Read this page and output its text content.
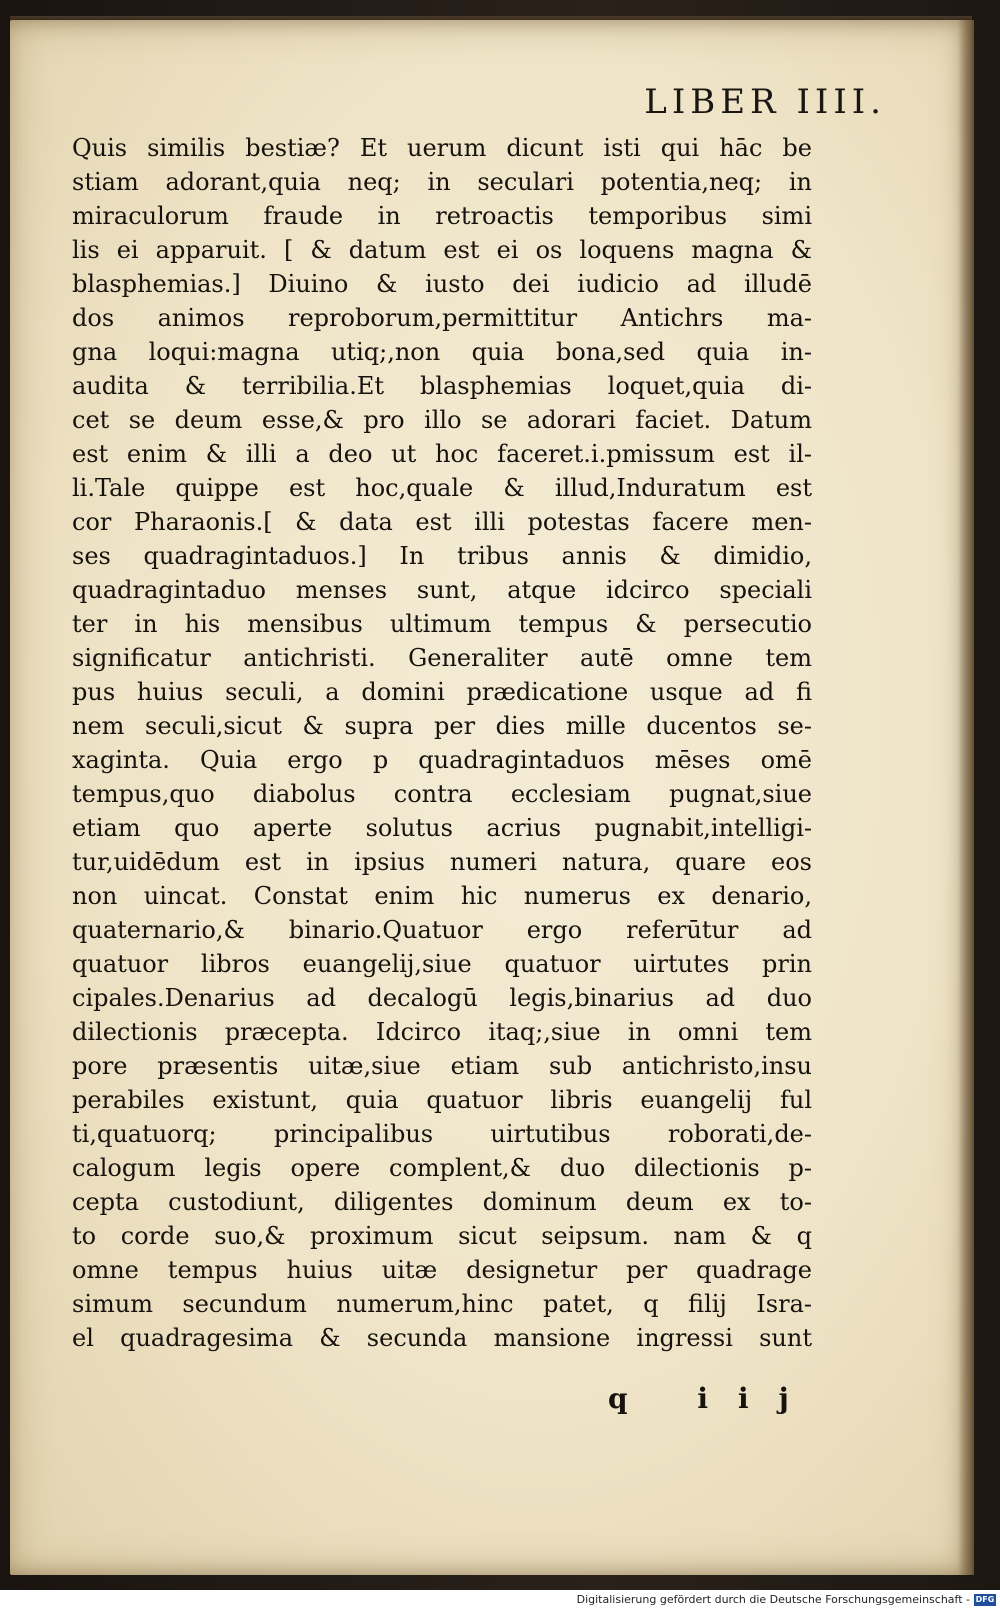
LIBER IIII.
Quis similis bestiæ? Et uerum dicunt isti qui hāc be
stiam adorant,quia neq; in seculari potentia,neq; in
miraculorum fraude in retroactis temporibus simi
lis ei apparuit. [ & datum est ei os loquens magna &
blasphemias.] Diuino & iusto dei iudicio ad illudē
dos animos reproborum,permittitur Antichrs ma-
gna loqui:magna utiq;,non quia bona,sed quia in-
audita & terribilia.Et blasphemias loquet,quia di-
cet se deum esse,& pro illo se adorari faciet. Datum
est enim & illi a deo ut hoc faceret.i.pmissum est il-
li.Tale quippe est hoc,quale & illud,Induratum est
cor Pharaonis.[ & data est illi potestas facere men-
ses quadragintaduos.] In tribus annis & dimidio,
quadragintaduo menses sunt, atque idcirco speciali
ter in his mensibus ultimum tempus & persecutio
significatur antichristi. Generaliter autē omne tem
pus huius seculi, a domini prædicatione usque ad fi
nem seculi,sicut & supra per dies mille ducentos se-
xaginta. Quia ergo p quadragintaduos mēses omē
tempus,quo diabolus contra ecclesiam pugnat,siue
etiam quo aperte solutus acrius pugnabit,intelligi-
tur,uidēdum est in ipsius numeri natura, quare eos
non uincat. Constat enim hic numerus ex denario,
quaternario,& binario.Quatuor ergo referūtur ad
quatuor libros euangelij,siue quatuor uirtutes prin
cipales.Denarius ad decalogū legis,binarius ad duo
dilectionis præcepta. Idcirco itaq;,siue in omni tem
pore præsentis uitæ,siue etiam sub antichristo,insu
perabiles existunt, quia quatuor libris euangelij ful
ti,quatuorq; principalibus uirtutibus roborati,de-
calogum legis opere complent,& duo dilectionis p-
cepta custodiunt, diligentes dominum deum ex to-
to corde suo,& proximum sicut seipsum. nam & q
omne tempus huius uitæ designetur per quadrage
simum secundum numerum,hinc patet, q filij Isra-
el quadragesima & secunda mansione ingressi sunt
q iij
Digitalisierung gefördert durch die Deutsche Forschungsgemeinschaft - DFG
